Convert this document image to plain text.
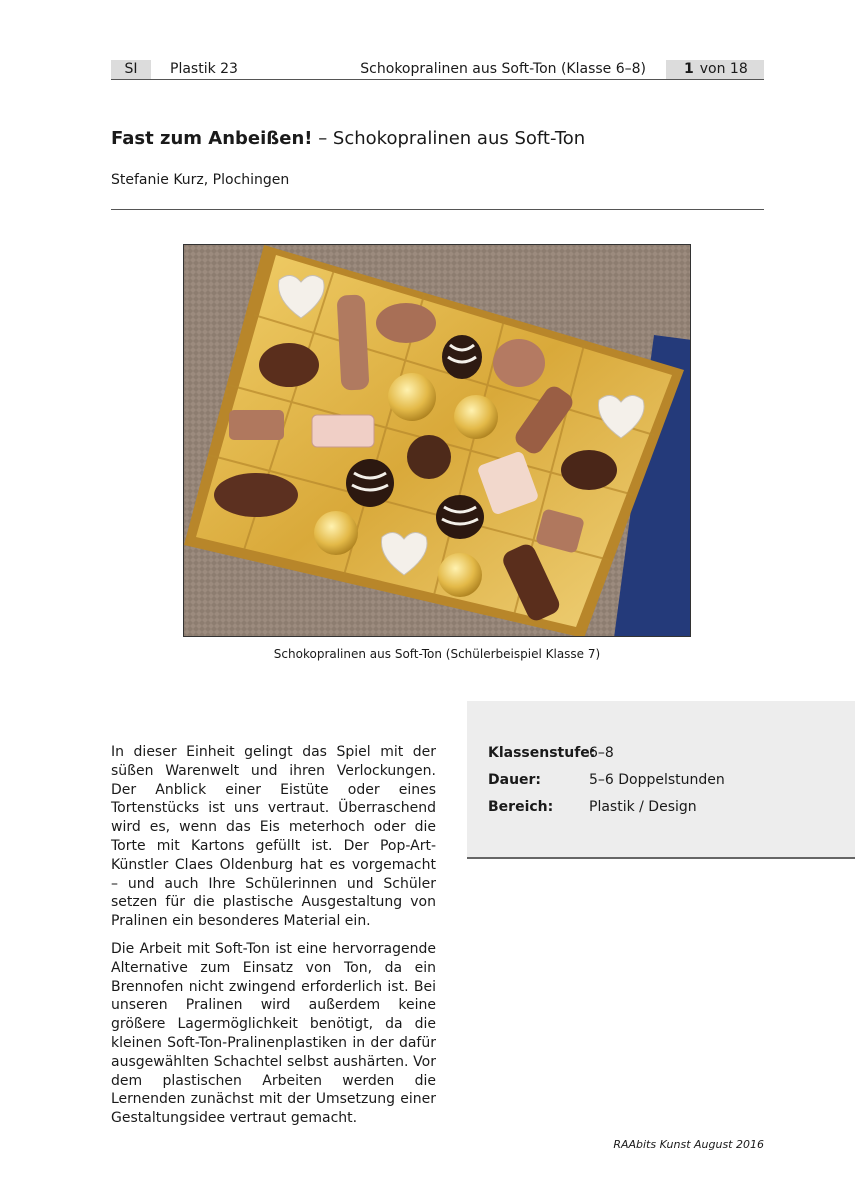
SI	Plastik 23	Schokopralinen aus Soft-Ton (Klasse 6–8)	1 von 18
Fast zum Anbeißen! – Schokopralinen aus Soft-Ton
Stefanie Kurz, Plochingen
Schokopralinen aus Soft-Ton (Schülerbeispiel Klasse 7)
Klassenstufe:6–8
Dauer:	5–6 Doppelstunden
Bereich:	Plastik / Design

In dieser Einheit gelingt das Spiel mit der süßen Warenwelt und ihren Verlockungen. Der Anblick einer Eistüte oder eines Tortenstücks ist uns vertraut. Überraschend wird es, wenn das Eis meterhoch oder die Torte mit Kartons gefüllt ist. Der Pop-Art-Künstler Claes Oldenburg hat es vorgemacht – und auch Ihre Schülerinnen und Schüler setzen für die plastische Ausgestaltung von Pralinen ein besonderes Material ein.

Die Arbeit mit Soft-Ton ist eine hervorragende Alternative zum Einsatz von Ton, da ein Brennofen nicht zwingend erforderlich ist. Bei unseren Pralinen wird außerdem keine größere Lagermöglichkeit benötigt, da die kleinen Soft-Ton-Pralinenplastiken in der dafür ausgewählten Schachtel selbst aushärten. Vor dem plastischen Arbeiten werden die Lernenden zunächst mit der Umsetzung einer Gestaltungsidee vertraut gemacht.

RAAbits Kunst August 2016
